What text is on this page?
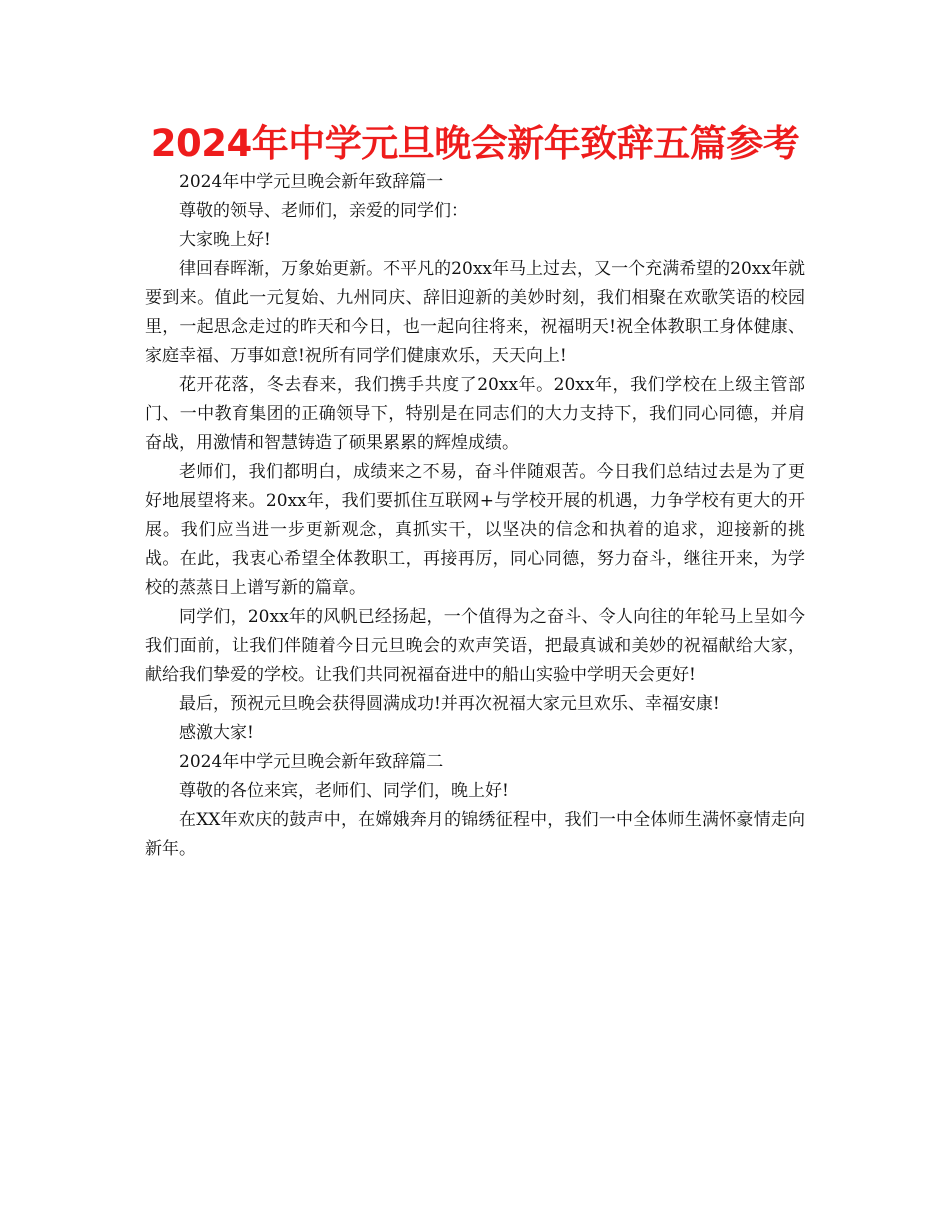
2024年中学元旦晚会新年致辞五篇参考

2024年中学元旦晚会新年致辞篇一

尊敬的领导、老师们，亲爱的同学们：

大家晚上好!

律回春晖渐，万象始更新。不平凡的20xx年马上过去，又一个充满希望的20xx年就要到来。值此一元复始、九州同庆、辞旧迎新的美妙时刻，我们相聚在欢歌笑语的校园里，一起思念走过的昨天和今日，也一起向往将来，祝福明天!祝全体教职工身体健康、家庭幸福、万事如意!祝所有同学们健康欢乐，天天向上!

花开花落，冬去春来，我们携手共度了20xx年。20xx年，我们学校在上级主管部门、一中教育集团的正确领导下，特别是在同志们的大力支持下，我们同心同德，并肩奋战，用激情和智慧铸造了硕果累累的辉煌成绩。

老师们，我们都明白，成绩来之不易，奋斗伴随艰苦。今日我们总结过去是为了更好地展望将来。20xx年，我们要抓住互联网+与学校开展的机遇，力争学校有更大的开展。我们应当进一步更新观念，真抓实干，以坚决的信念和执着的追求，迎接新的挑战。在此，我衷心希望全体教职工，再接再厉，同心同德，努力奋斗，继往开来，为学校的蒸蒸日上谱写新的篇章。

同学们，20xx年的风帆已经扬起，一个值得为之奋斗、令人向往的年轮马上呈如今我们面前，让我们伴随着今日元旦晚会的欢声笑语，把最真诚和美妙的祝福献给大家，献给我们挚爱的学校。让我们共同祝福奋进中的船山实验中学明天会更好!

最后，预祝元旦晚会获得圆满成功!并再次祝福大家元旦欢乐、幸福安康!

感激大家!

2024年中学元旦晚会新年致辞篇二

尊敬的各位来宾，老师们、同学们，晚上好!

在XX年欢庆的鼓声中，在嫦娥奔月的锦绣征程中，我们一中全体师生满怀豪情走向新年。
